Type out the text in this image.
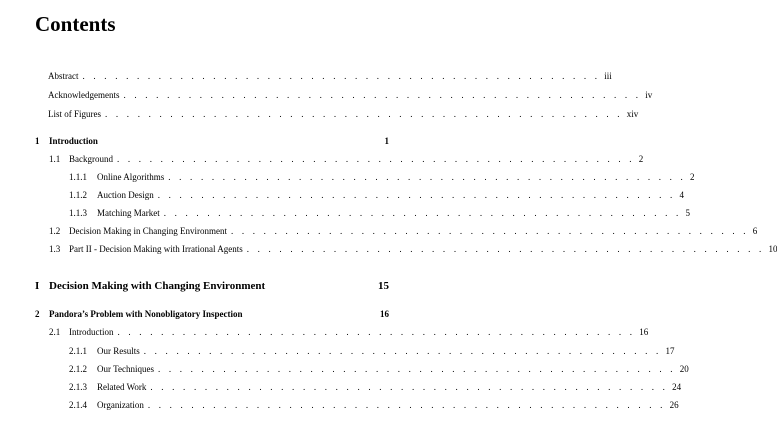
Contents
Abstract . . . . . . . . . . . . . . . . . . . . . . . . . . . . . . . . . . . . . . . . . . . . . . . . iii
Acknowledgements . . . . . . . . . . . . . . . . . . . . . . . . . . . . . . . . . . . . . . . . . . . . . . . . iv
List of Figures . . . . . . . . . . . . . . . . . . . . . . . . . . . . . . . . . . . . . . . . . . . . . . . . xiv
1	Introduction	1
1.1 Background . . . . . . . . . . . . . . . . . . . . . . . . . . . . . . . . . . . . . . . . . . . . . . . . 2
1.1.1	Online Algorithms . . . . . . . . . . . . . . . . . . . . . . . . . . . . . . . . . . . . . . . . . . . . . . . . 2
1.1.2	Auction Design . . . . . . . . . . . . . . . . . . . . . . . . . . . . . . . . . . . . . . . . . . . . . . . . 4
1.1.3	Matching Market . . . . . . . . . . . . . . . . . . . . . . . . . . . . . . . . . . . . . . . . . . . . . . . . 5
1.2 Decision Making in Changing Environment . . . . . . . . . . . . . . . . . . . . . . . . . . . . . . . . . . . . . . . . . . . . . . . . 6
1.3 Part II - Decision Making with Irrational Agents . . . . . . . . . . . . . . . . . . . . . . . . . . . . . . . . . . . . . . . . . . . . . . . . 10
I Decision Making with Changing Environment	15
2	Pandora’s Problem with Nonobligatory Inspection	16
2.1 Introduction . . . . . . . . . . . . . . . . . . . . . . . . . . . . . . . . . . . . . . . . . . . . . . . . 16
2.1.1	Our Results . . . . . . . . . . . . . . . . . . . . . . . . . . . . . . . . . . . . . . . . . . . . . . . . 17
2.1.2	Our Techniques . . . . . . . . . . . . . . . . . . . . . . . . . . . . . . . . . . . . . . . . . . . . . . . . 20
2.1.3	Related Work . . . . . . . . . . . . . . . . . . . . . . . . . . . . . . . . . . . . . . . . . . . . . . . . 24
2.1.4	Organization . . . . . . . . . . . . . . . . . . . . . . . . . . . . . . . . . . . . . . . . . . . . . . . . 26
